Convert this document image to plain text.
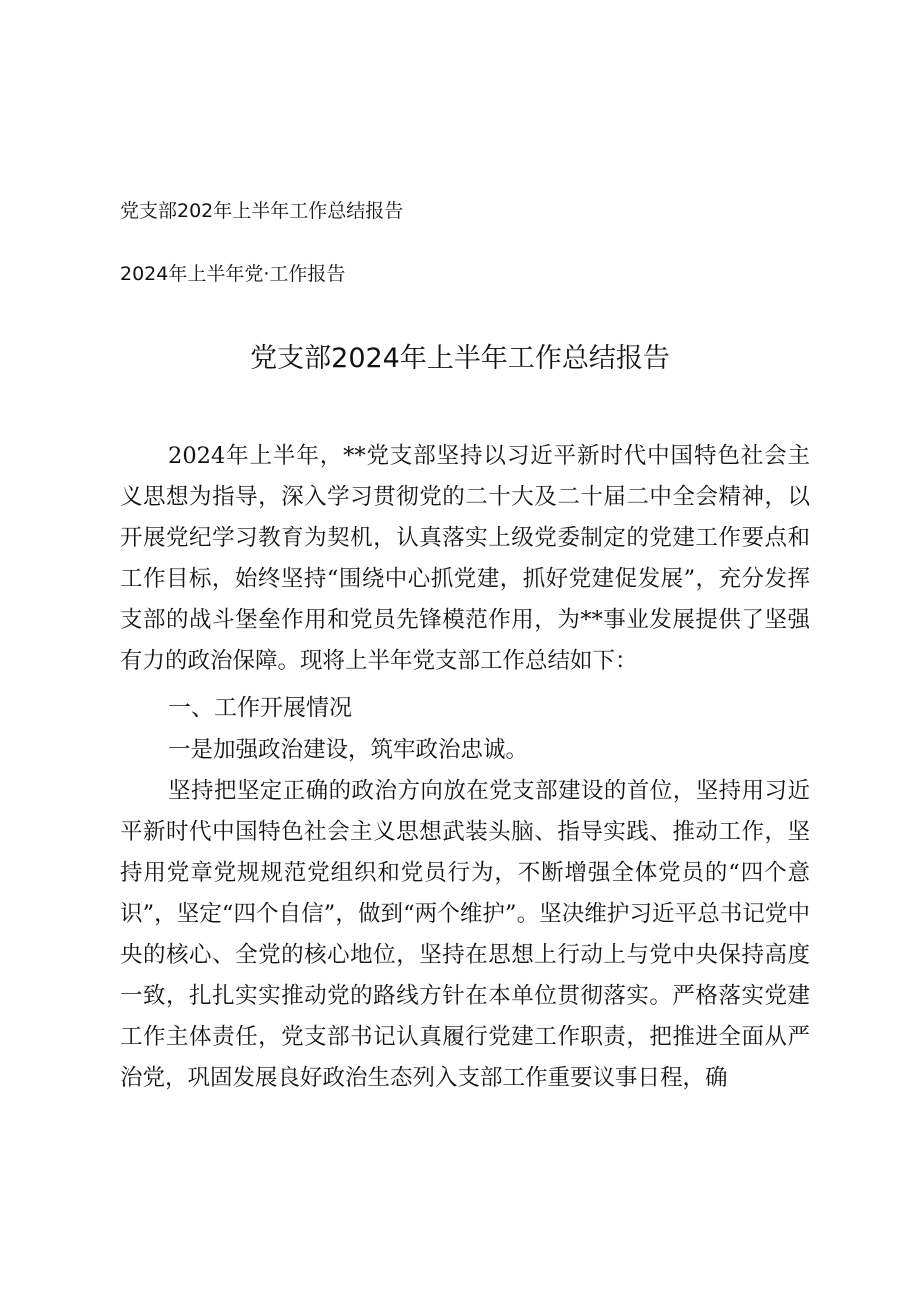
党支部202年上半年工作总结报告
2024年上半年党·工作报告
党支部2024年上半年工作总结报告

2024年上半年，**党支部坚持以习近平新时代中国特色社会主义思想为指导，深入学习贯彻党的二十大及二十届二中全会精神，以开展党纪学习教育为契机，认真落实上级党委制定的党建工作要点和工作目标，始终坚持“围绕中心抓党建，抓好党建促发展”，充分发挥支部的战斗堡垒作用和党员先锋模范作用，为**事业发展提供了坚强有力的政治保障。现将上半年党支部工作总结如下：

一、工作开展情况

一是加强政治建设，筑牢政治忠诚。

坚持把坚定正确的政治方向放在党支部建设的首位，坚持用习近平新时代中国特色社会主义思想武装头脑、指导实践、推动工作，坚持用党章党规规范党组织和党员行为，不断增强全体党员的“四个意识”，坚定“四个自信”，做到“两个维护”。坚决维护习近平总书记党中央的核心、全党的核心地位，坚持在思想上行动上与党中央保持高度一致，扎扎实实推动党的路线方针在本单位贯彻落实。严格落实党建工作主体责任，党支部书记认真履行党建工作职责，把推进全面从严治党，巩固发展良好政治生态列入支部工作重要议事日程，确
